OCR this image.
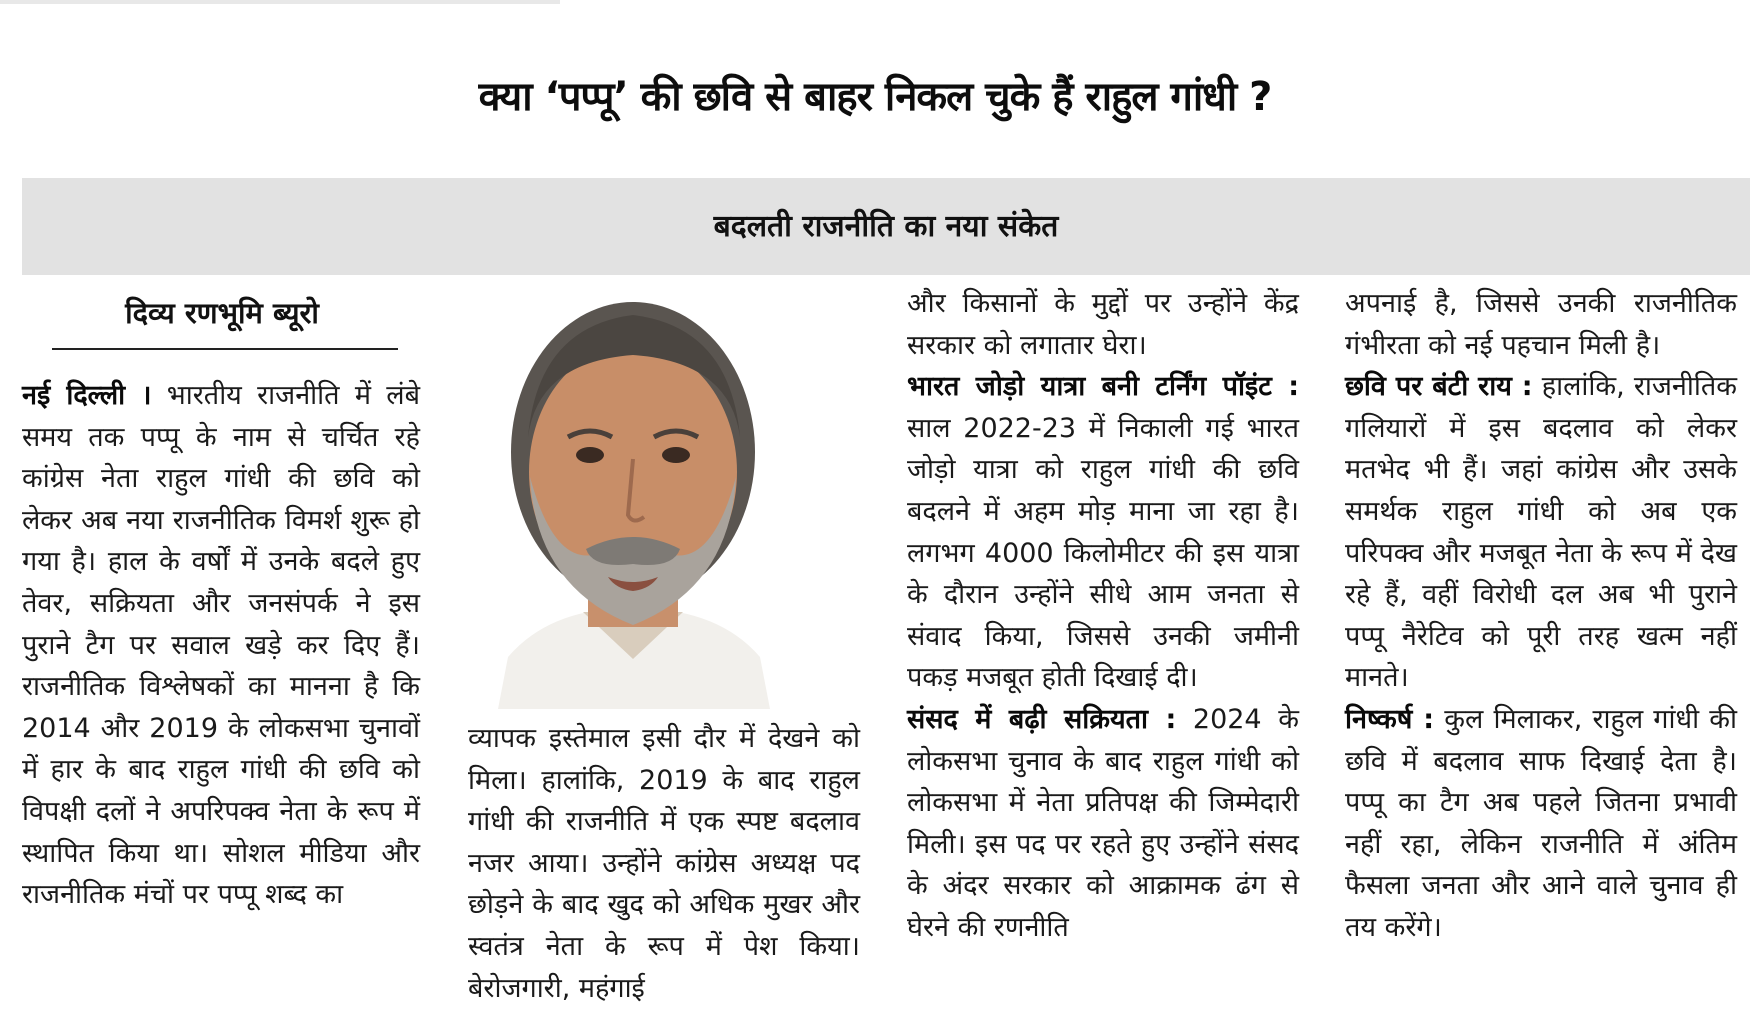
क्या ‘पप्पू’ की छवि से बाहर निकल चुके हैं राहुल गांधी ?
बदलती राजनीति का नया संकेत
दिव्य रणभूमि ब्यूरो

नई दिल्ली । भारतीय राजनीति में लंबे समय तक पप्पू के नाम से चर्चित रहे कांग्रेस नेता राहुल गांधी की छवि को लेकर अब नया राजनीतिक विमर्श शुरू हो गया है। हाल के वर्षों में उनके बदले हुए तेवर, सक्रियता और जनसंपर्क ने इस पुराने टैग पर सवाल खड़े कर दिए हैं। राजनीतिक विश्लेषकों का मानना है कि 2014 और 2019 के लोकसभा चुनावों में हार के बाद राहुल गांधी की छवि को विपक्षी दलों ने अपरिपक्व नेता के रूप में स्थापित किया था। सोशल मीडिया और राजनीतिक मंचों पर पप्पू शब्द का

व्यापक इस्तेमाल इसी दौर में देखने को मिला। हालांकि, 2019 के बाद राहुल गांधी की राजनीति में एक स्पष्ट बदलाव नजर आया। उन्होंने कांग्रेस अध्यक्ष पद छोड़ने के बाद खुद को अधिक मुखर और स्वतंत्र नेता के रूप में पेश किया। बेरोजगारी, महंगाई

और किसानों के मुद्दों पर उन्होंने केंद्र सरकार को लगातार घेरा।

भारत जोड़ो यात्रा बनी टर्निंग पॉइंट : साल 2022-23 में निकाली गई भारत जोड़ो यात्रा को राहुल गांधी की छवि बदलने में अहम मोड़ माना जा रहा है। लगभग 4000 किलोमीटर की इस यात्रा के दौरान उन्होंने सीधे आम जनता से संवाद किया, जिससे उनकी जमीनी पकड़ मजबूत होती दिखाई दी।

संसद में बढ़ी सक्रियता : 2024 के लोकसभा चुनाव के बाद राहुल गांधी को लोकसभा में नेता प्रतिपक्ष की जिम्मेदारी मिली। इस पद पर रहते हुए उन्होंने संसद के अंदर सरकार को आक्रामक ढंग से घेरने की रणनीति

अपनाई है, जिससे उनकी राजनीतिक गंभीरता को नई पहचान मिली है।

छवि पर बंटी राय : हालांकि, राजनीतिक गलियारों में इस बदलाव को लेकर मतभेद भी हैं। जहां कांग्रेस और उसके समर्थक राहुल गांधी को अब एक परिपक्व और मजबूत नेता के रूप में देख रहे हैं, वहीं विरोधी दल अब भी पुराने पप्पू नैरेटिव को पूरी तरह खत्म नहीं मानते।

निष्कर्ष : कुल मिलाकर, राहुल गांधी की छवि में बदलाव साफ दिखाई देता है। पप्पू का टैग अब पहले जितना प्रभावी नहीं रहा, लेकिन राजनीति में अंतिम फैसला जनता और आने वाले चुनाव ही तय करेंगे।
